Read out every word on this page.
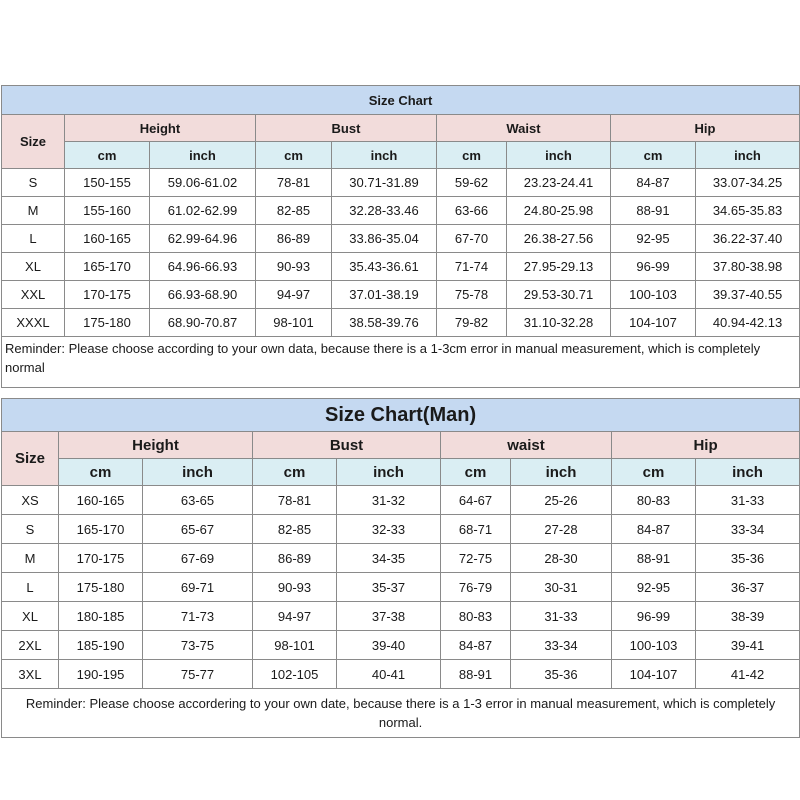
Size Chart								
Size	Height		Bust		Waist		Hip	
	cm	inch	cm	inch	cm	inch	cm	inch
S	150-155	59.06-61.02	78-81	30.71-31.89	59-62	23.23-24.41	84-87	33.07-34.25
M	155-160	61.02-62.99	82-85	32.28-33.46	63-66	24.80-25.98	88-91	34.65-35.83
L	160-165	62.99-64.96	86-89	33.86-35.04	67-70	26.38-27.56	92-95	36.22-37.40
XL	165-170	64.96-66.93	90-93	35.43-36.61	71-74	27.95-29.13	96-99	37.80-38.98
XXL	170-175	66.93-68.90	94-97	37.01-38.19	75-78	29.53-30.71	100-103	39.37-40.55
XXXL	175-180	68.90-70.87	98-101	38.58-39.76	79-82	31.10-32.28	104-107	40.94-42.13
Reminder: Please choose according to your own data, because there is a 1-3cm error in manual measurement, which is completely normal								
Size Chart(Man)								
Size	Height		Bust		waist		Hip	
	cm	inch	cm	inch	cm	inch	cm	inch
XS	160-165	63-65	78-81	31-32	64-67	25-26	80-83	31-33
S	165-170	65-67	82-85	32-33	68-71	27-28	84-87	33-34
M	170-175	67-69	86-89	34-35	72-75	28-30	88-91	35-36
L	175-180	69-71	90-93	35-37	76-79	30-31	92-95	36-37
XL	180-185	71-73	94-97	37-38	80-83	31-33	96-99	38-39
2XL	185-190	73-75	98-101	39-40	84-87	33-34	100-103	39-41
3XL	190-195	75-77	102-105	40-41	88-91	35-36	104-107	41-42
Reminder: Please choose accordering to your own date, because there is a 1-3 error in manual measurement, which is completely normal.								
